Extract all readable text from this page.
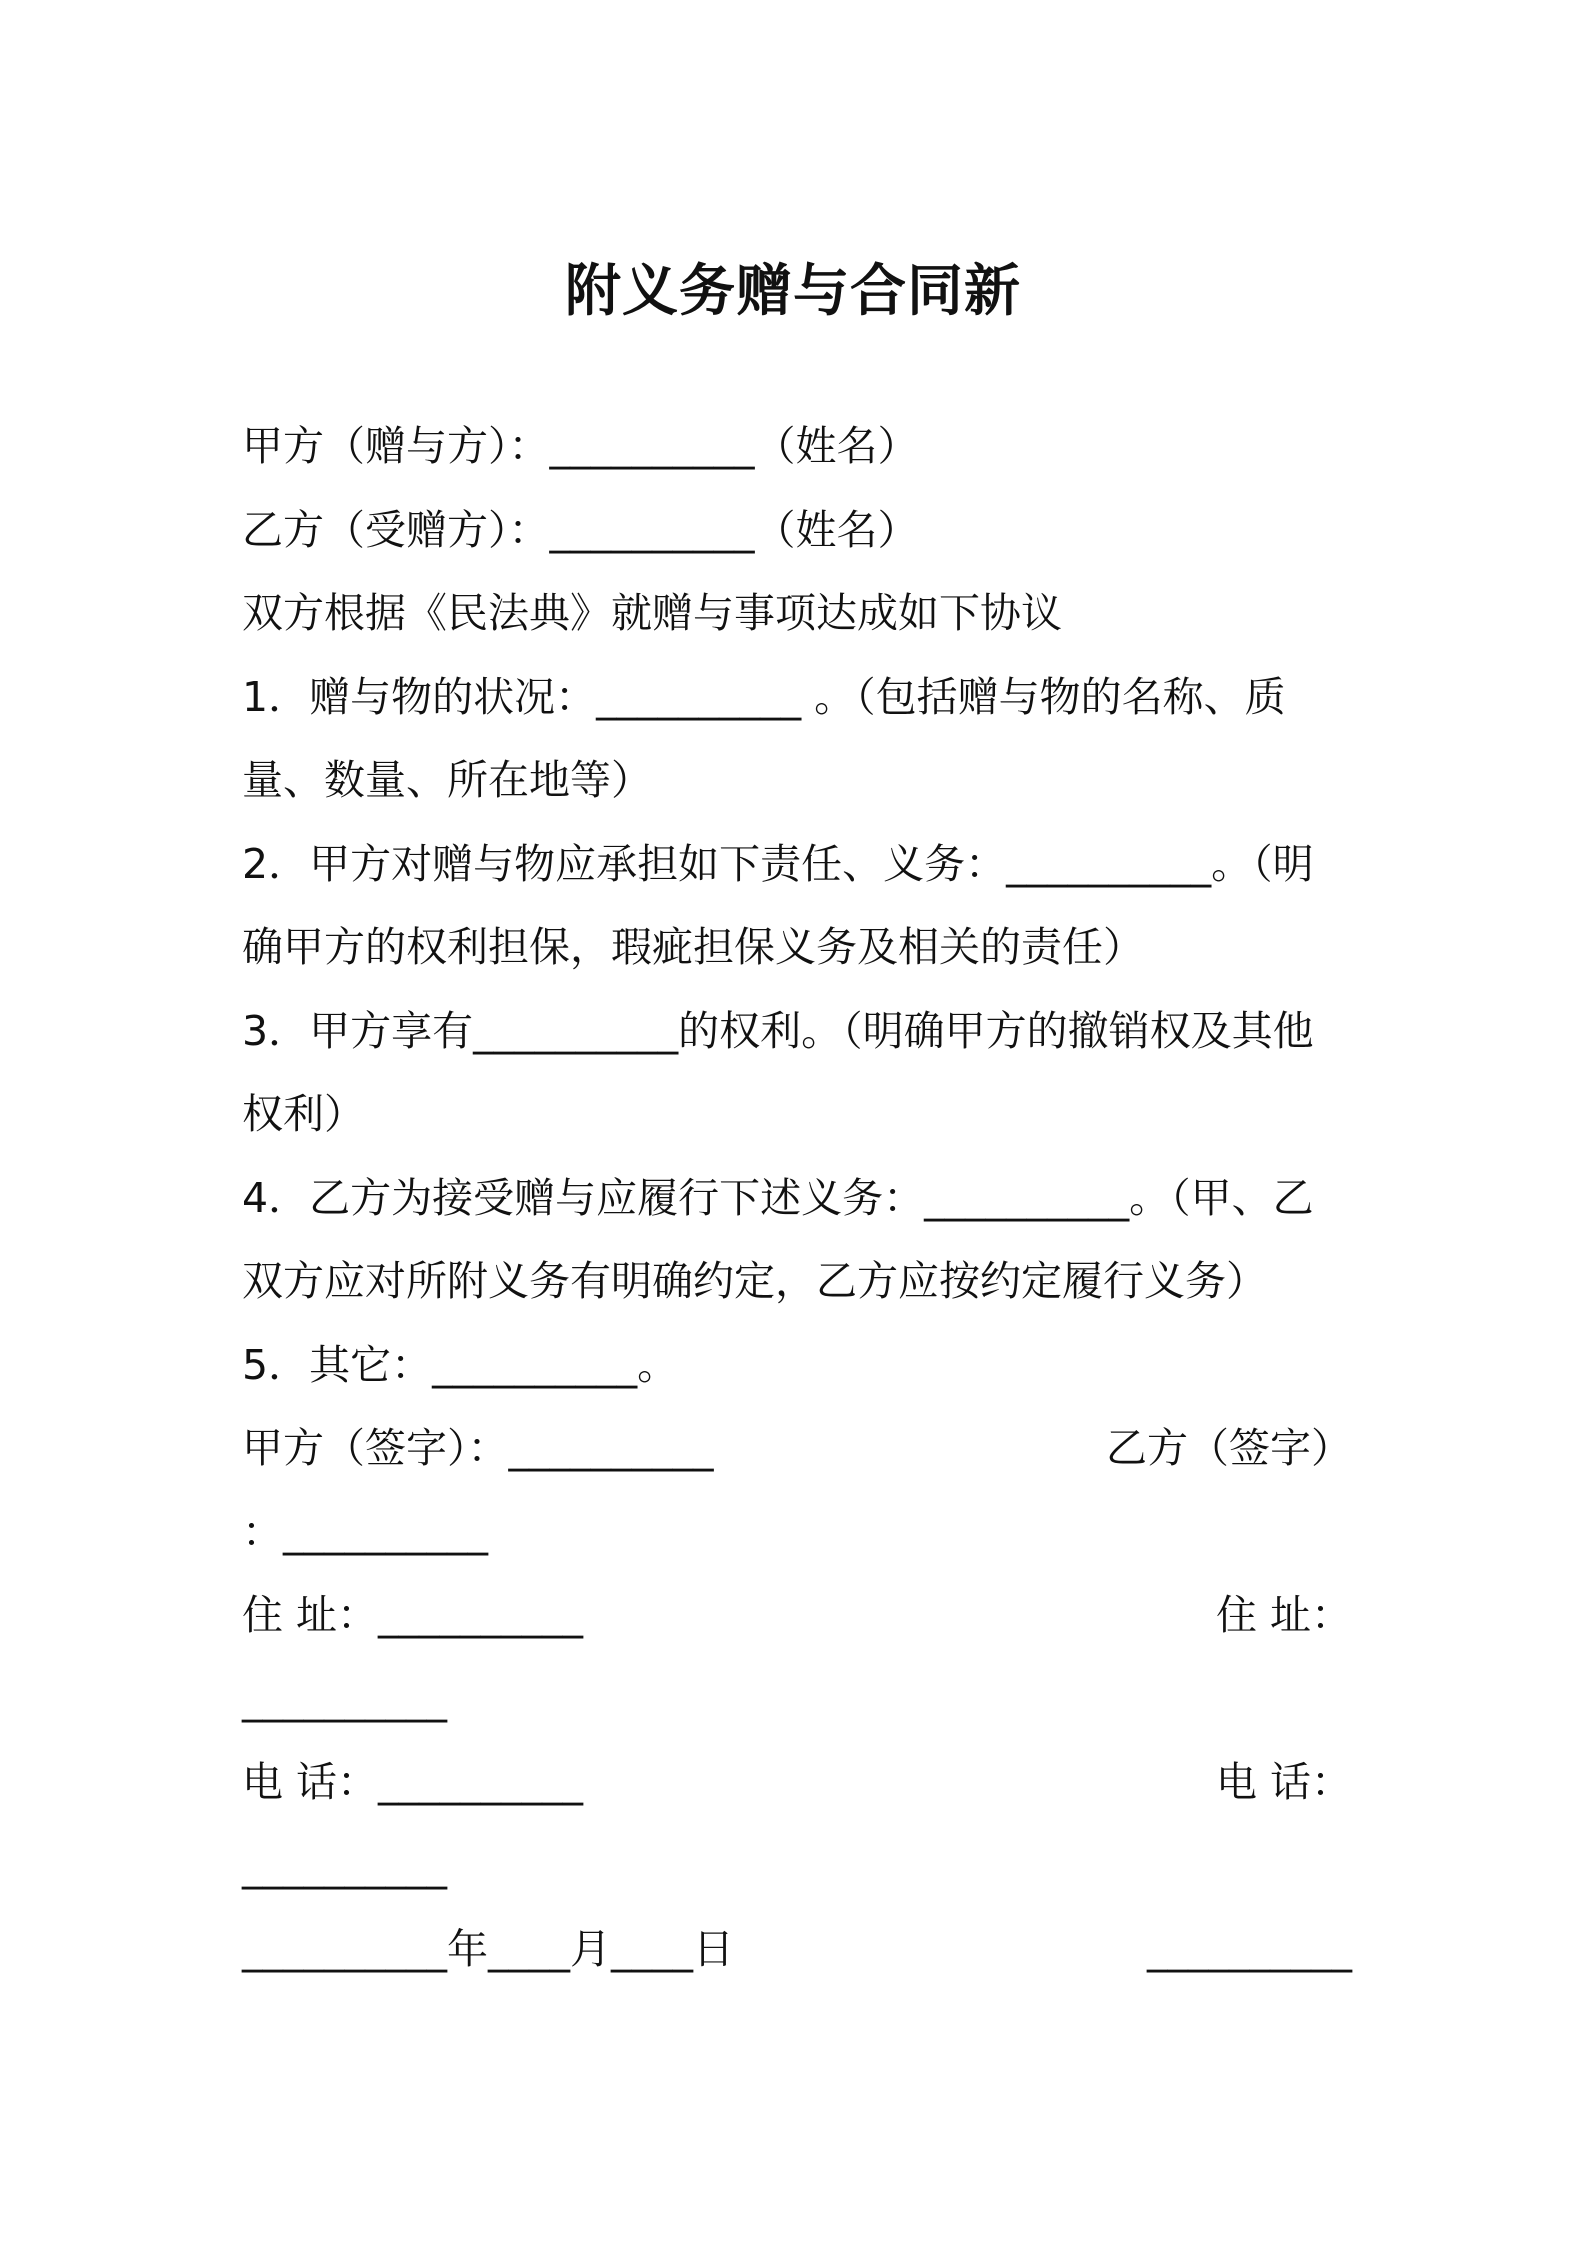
附义务赠与合同新
甲方（赠与方）：__________（姓名）
乙方（受赠方）：__________（姓名）
双方根据《民法典》就赠与事项达成如下协议
1．赠与物的状况：__________ 。（包括赠与物的名称、质
量、数量、所在地等）
2．甲方对赠与物应承担如下责任、义务：__________。（明
确甲方的权利担保，瑕疵担保义务及相关的责任）
3．甲方享有__________的权利。（明确甲方的撤销权及其他
权利）
4．乙方为接受赠与应履行下述义务：__________。（甲、乙
双方应对所附义务有明确约定，乙方应按约定履行义务）
5．其它：__________。
甲方（签字）：__________	乙方（签字）
：__________
住 址：__________	住 址：
__________
电 话：__________	电 话：
__________
__________年____月____日	__________
